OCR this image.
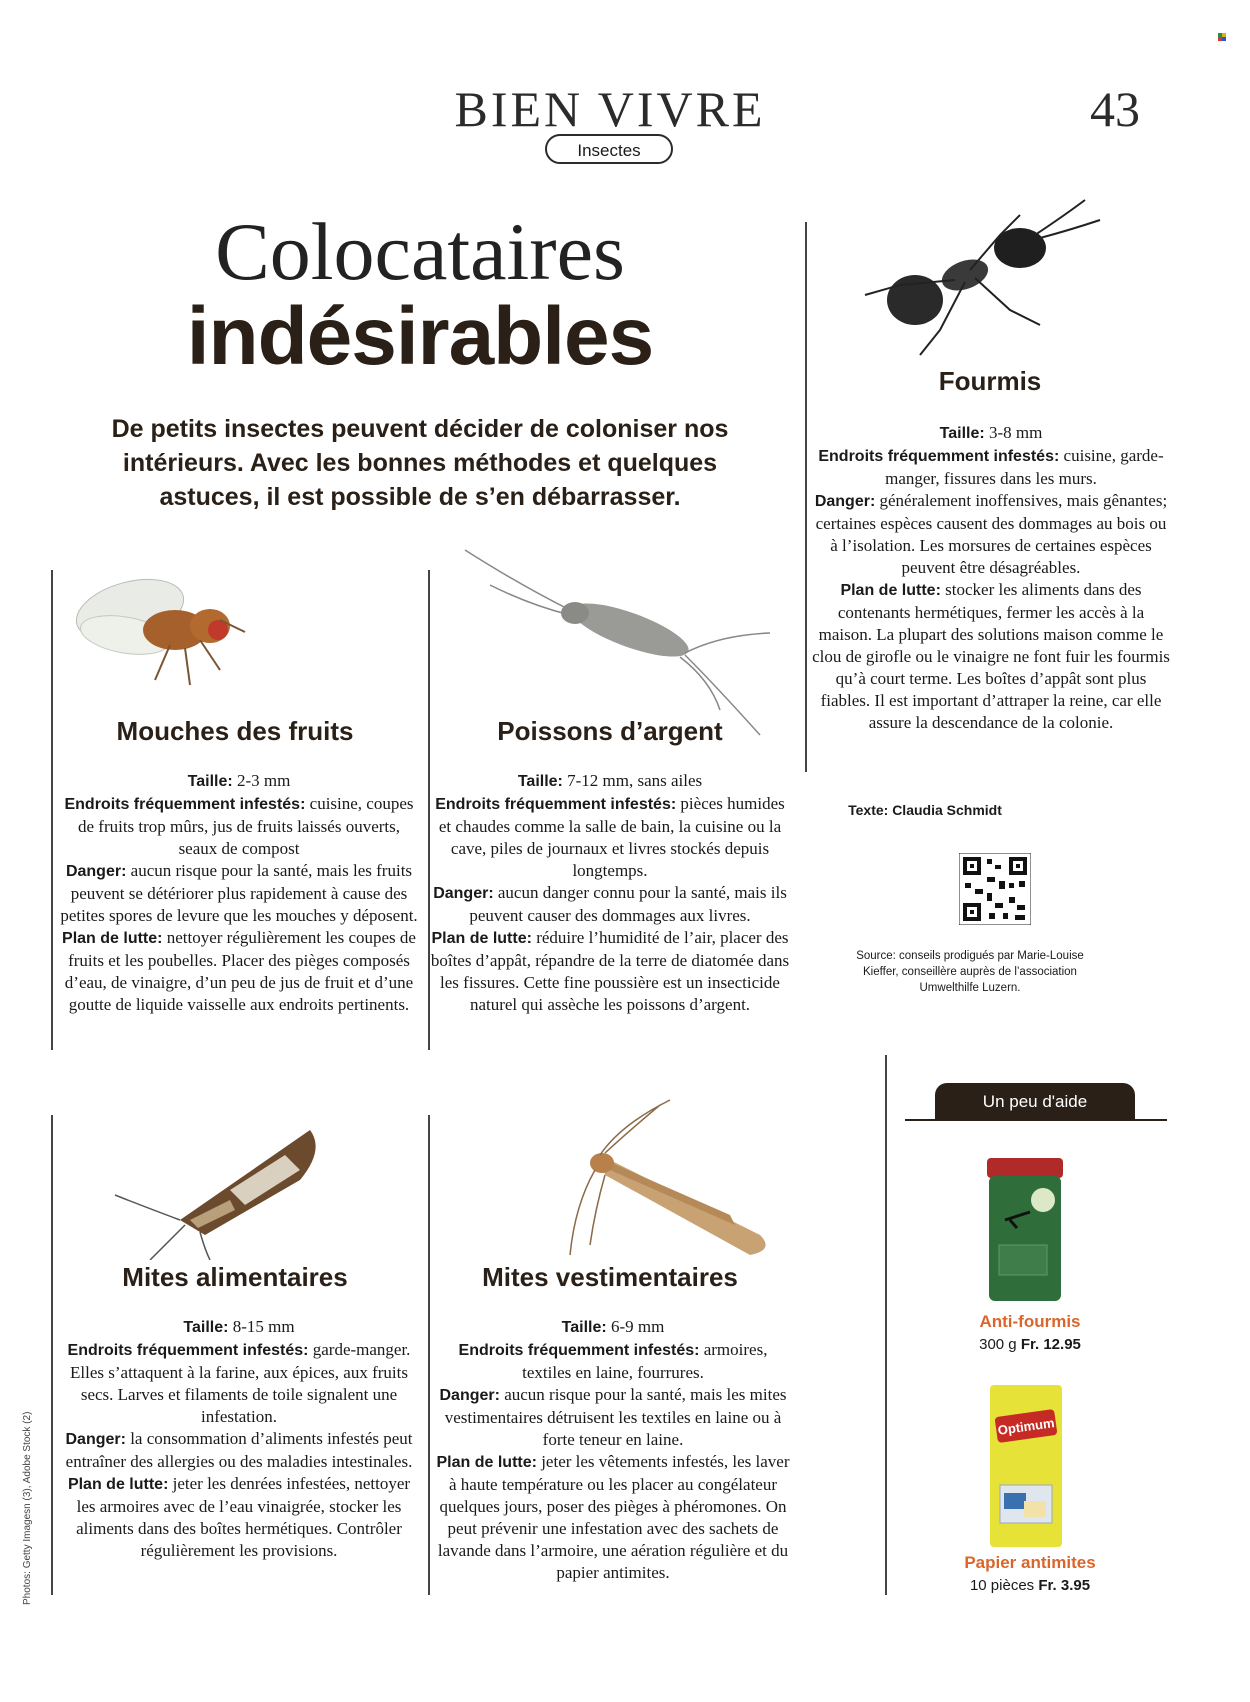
BIEN VIVRE	43
Insectes
Colocataires
indésirables
De petits insectes peuvent décider de coloniser nos intérieurs. Avec les bonnes méthodes et quelques astuces, il est possible de s’en débarrasser.
Mouches des fruits
Taille: 2-3 mm
Endroits fréquemment infestés: cuisine, coupes de fruits trop mûrs, jus de fruits laissés ouverts, seaux de compost
Danger: aucun risque pour la santé, mais les fruits peuvent se détériorer plus rapidement à cause des petites spores de levure que les mouches y déposent.
Plan de lutte: nettoyer régulièrement les coupes de fruits et les poubelles. Placer des pièges composés d’eau, de vinaigre, d’un peu de jus de fruit et d’une goutte de liquide vaisselle aux endroits pertinents.
Poissons d’argent
Taille: 7-12 mm, sans ailes
Endroits fréquemment infestés: pièces humides et chaudes comme la salle de bain, la cuisine ou la cave, piles de journaux et livres stockés depuis longtemps.
Danger: aucun danger connu pour la santé, mais ils peuvent causer des dommages aux livres.
Plan de lutte: réduire l’humidité de l’air, placer des boîtes d’appât, répandre de la terre de diatomée dans les fissures. Cette fine poussière est un insecticide naturel qui assèche les poissons d’argent.
Fourmis
Taille: 3-8 mm
Endroits fréquemment infestés: cuisine, garde-manger, fissures dans les murs.
Danger: généralement inoffensives, mais gênantes; certaines espèces causent des dommages au bois ou à l’isolation. Les morsures de certaines espèces peuvent être désagréables.
Plan de lutte: stocker les aliments dans des contenants hermétiques, fermer les accès à la maison. La plupart des solutions maison comme le clou de girofle ou le vinaigre ne font fuir les fourmis qu’à court terme. Les boîtes d’appât sont plus fiables. Il est important d’attraper la reine, car elle assure la descendance de la colonie.
Texte: Claudia Schmidt
Source: conseils prodigués par Marie-Louise Kieffer, conseillère auprès de l’association Umwelthilfe Luzern.
Mites alimentaires
Taille: 8-15 mm
Endroits fréquemment infestés: garde-manger. Elles s’attaquent à la farine, aux épices, aux fruits secs. Larves et filaments de toile signalent une infestation.
Danger: la consommation d’aliments infestés peut entraîner des allergies ou des maladies intestinales.
Plan de lutte: jeter les denrées infestées, nettoyer les armoires avec de l’eau vinaigrée, stocker les aliments dans des boîtes hermétiques. Contrôler régulièrement les provisions.
Mites vestimentaires
Taille: 6-9 mm
Endroits fréquemment infestés: armoires, textiles en laine, fourrures.
Danger: aucun risque pour la santé, mais les mites vestimentaires détruisent les textiles en laine ou à forte teneur en laine.
Plan de lutte: jeter les vêtements infestés, les laver à haute température ou les placer au congélateur quelques jours, poser des pièges à phéromones. On peut prévenir une infestation avec des sachets de lavande dans l’armoire, une aération régulière et du papier antimites.
Un peu d'aide
Anti-fourmis
300 g Fr. 12.95
Optimum
Papier antimites
10 pièces Fr. 3.95
Photos: Getty Imagesn (3), Adobe Stock (2)
